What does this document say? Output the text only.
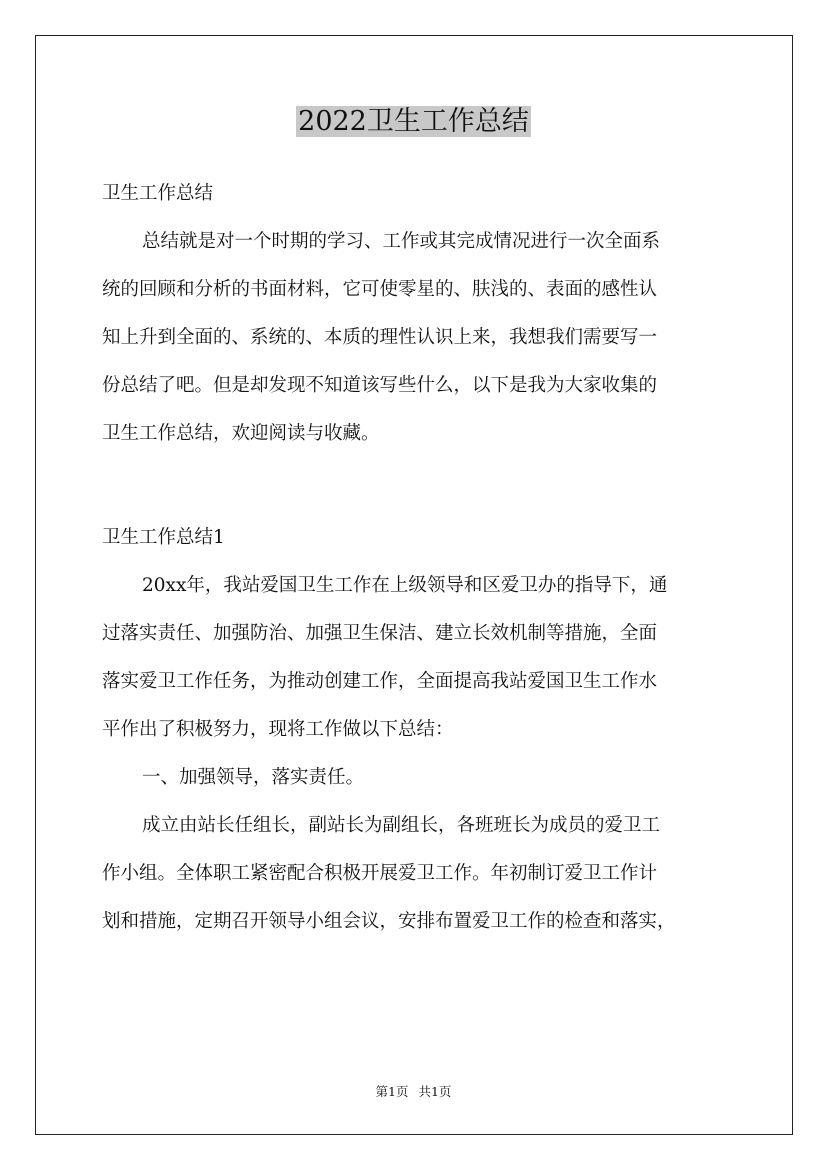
2022卫生工作总结
卫生工作总结
总结就是对一个时期的学习、工作或其完成情况进行一次全面系
统的回顾和分析的书面材料，它可使零星的、肤浅的、表面的感性认
知上升到全面的、系统的、本质的理性认识上来，我想我们需要写一
份总结了吧。但是却发现不知道该写些什么，以下是我为大家收集的
卫生工作总结，欢迎阅读与收藏。
卫生工作总结1
20xx年，我站爱国卫生工作在上级领导和区爱卫办的指导下，通
过落实责任、加强防治、加强卫生保洁、建立长效机制等措施，全面
落实爱卫工作任务，为推动创建工作，全面提高我站爱国卫生工作水
平作出了积极努力，现将工作做以下总结：
一、加强领导，落实责任。
成立由站长任组长，副站长为副组长，各班班长为成员的爱卫工
作小组。全体职工紧密配合积极开展爱卫工作。年初制订爱卫工作计
划和措施，定期召开领导小组会议，安排布置爱卫工作的检查和落实，
第1页 共1页
